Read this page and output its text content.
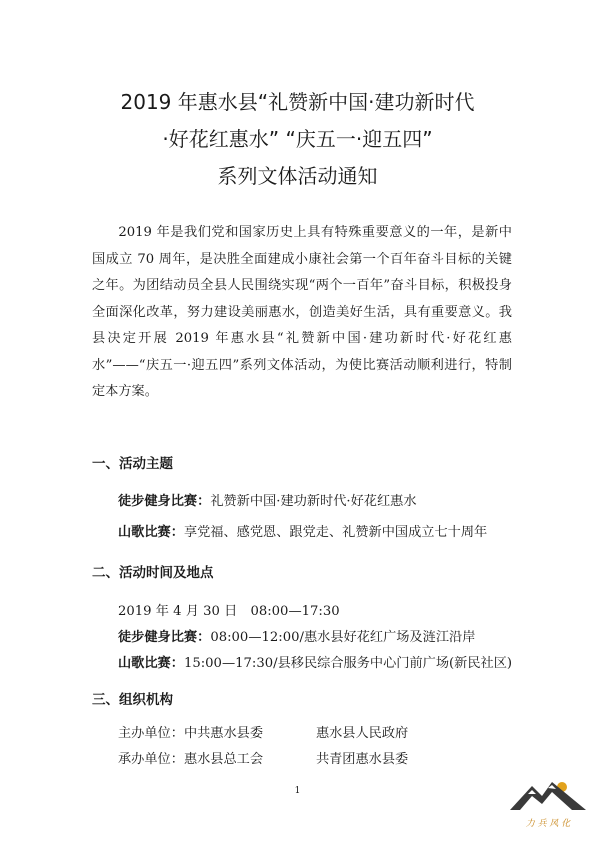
2019 年惠水县“礼赞新中国·建功新时代
·好花红惠水” “庆五一·迎五四”
系列文体活动通知

2019 年是我们党和国家历史上具有特殊重要意义的一年，是新中国成立 70 周年，是决胜全面建成小康社会第一个百年奋斗目标的关键之年。为团结动员全县人民围绕实现“两个一百年”奋斗目标，积极投身全面深化改革，努力建设美丽惠水，创造美好生活，具有重要意义。我县决定开展 2019 年惠水县“礼赞新中国·建功新时代·好花红惠水”——“庆五一·迎五四”系列文体活动，为使比赛活动顺利进行，特制定本方案。

一、活动主题
徒步健身比赛：礼赞新中国·建功新时代·好花红惠水
山歌比赛：享党福、感党恩、跟党走、礼赞新中国成立七十周年
二、活动时间及地点
2019 年 4 月 30 日　08:00—17:30
徒步健身比赛：08:00—12:00/惠水县好花红广场及涟江沿岸
山歌比赛：15:00—17:30/县移民综合服务中心门前广场(新民社区)
三、组织机构
主办单位：中共惠水县委	惠水县人民政府
承办单位：惠水县总工会	共青团惠水县委
1
力 兵 风 化
